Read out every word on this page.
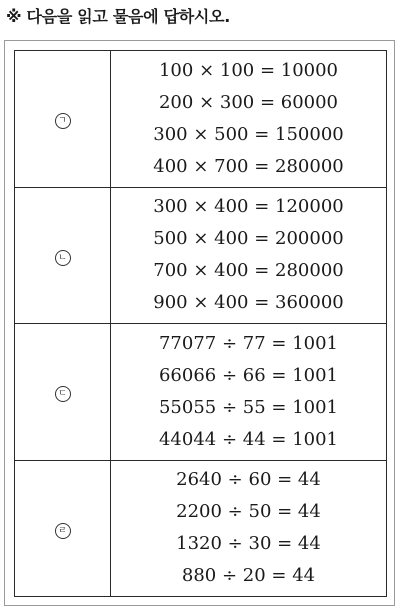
※ 다음을 읽고 물음에 답하시오.
ㄱ	100 × 100 = 10000
200 × 300 = 60000
300 × 500 = 150000
400 × 700 = 280000

ㄴ	300 × 400 = 120000
500 × 400 = 200000
700 × 400 = 280000
900 × 400 = 360000

ㄷ	77077 ÷ 77 = 1001
66066 ÷ 66 = 1001
55055 ÷ 55 = 1001
44044 ÷ 44 = 1001

ㄹ	2640 ÷ 60 = 44
2200 ÷ 50 = 44
1320 ÷ 30 = 44
880 ÷ 20 = 44
